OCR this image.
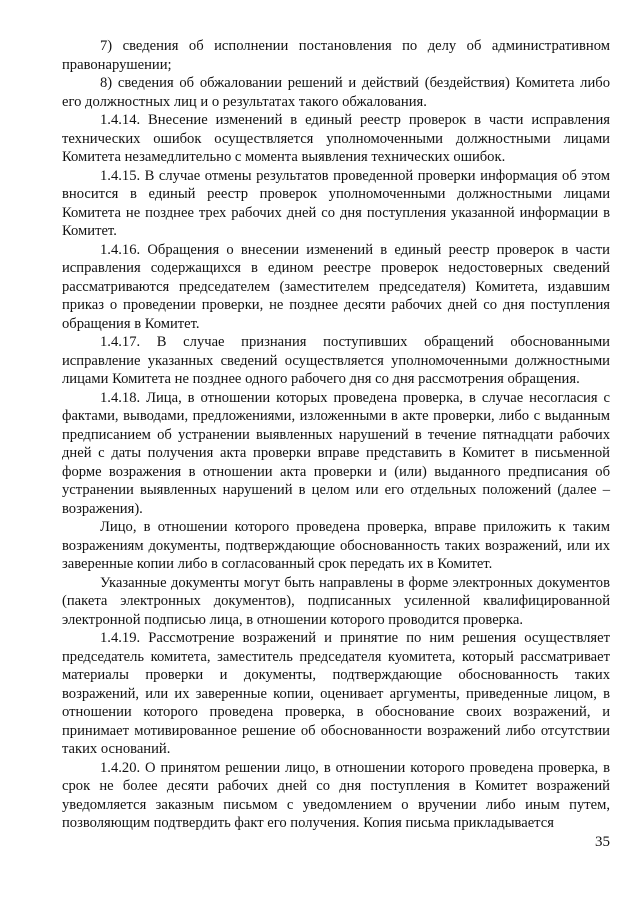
7) сведения об исполнении постановления по делу об административном правонарушении;

8) сведения об обжаловании решений и действий (бездействия) Комитета либо его должностных лиц и о результатах такого обжалования.

1.4.14. Внесение изменений в единый реестр проверок в части исправления технических ошибок осуществляется уполномоченными должностными лицами Комитета незамедлительно с момента выявления технических ошибок.

1.4.15. В случае отмены результатов проведенной проверки информация об этом вносится в единый реестр проверок уполномоченными должностными лицами Комитета не позднее трех рабочих дней со дня поступления указанной информации в Комитет.

1.4.16. Обращения о внесении изменений в единый реестр проверок в части исправления содержащихся в едином реестре проверок недостоверных сведений рассматриваются председателем (заместителем председателя) Комитета, издавшим приказ о проведении проверки, не позднее десяти рабочих дней со дня поступления обращения в Комитет.

1.4.17. В случае признания поступивших обращений обоснованными исправление указанных сведений осуществляется уполномоченными должностными лицами Комитета не позднее одного рабочего дня со дня рассмотрения обращения.

1.4.18. Лица, в отношении которых проведена проверка, в случае несогласия с фактами, выводами, предложениями, изложенными в акте проверки, либо с выданным предписанием об устранении выявленных нарушений в течение пятнадцати рабочих дней с даты получения акта проверки вправе представить в Комитет в письменной форме возражения в отношении акта проверки и (или) выданного предписания об устранении выявленных нарушений в целом или его отдельных положений (далее – возражения).

Лицо, в отношении которого проведена проверка, вправе приложить к таким возражениям документы, подтверждающие обоснованность таких возражений, или их заверенные копии либо в согласованный срок передать их в Комитет.

Указанные документы могут быть направлены в форме электронных документов (пакета электронных документов), подписанных усиленной квалифицированной электронной подписью лица, в отношении которого проводится проверка.

1.4.19. Рассмотрение возражений и принятие по ним решения осуществляет председатель комитета, заместитель председателя куомитета, который рассматривает материалы проверки и документы, подтверждающие обоснованность таких возражений, или их заверенные копии, оценивает аргументы, приведенные лицом, в отношении которого проведена проверка, в обоснование своих возражений, и принимает мотивированное решение об обоснованности возражений либо отсутствии таких оснований.

1.4.20. О принятом решении лицо, в отношении которого проведена проверка, в срок не более десяти рабочих дней со дня поступления в Комитет возражений уведомляется заказным письмом с уведомлением о вручении либо иным путем, позволяющим подтвердить факт его получения. Копия письма прикладывается

35
